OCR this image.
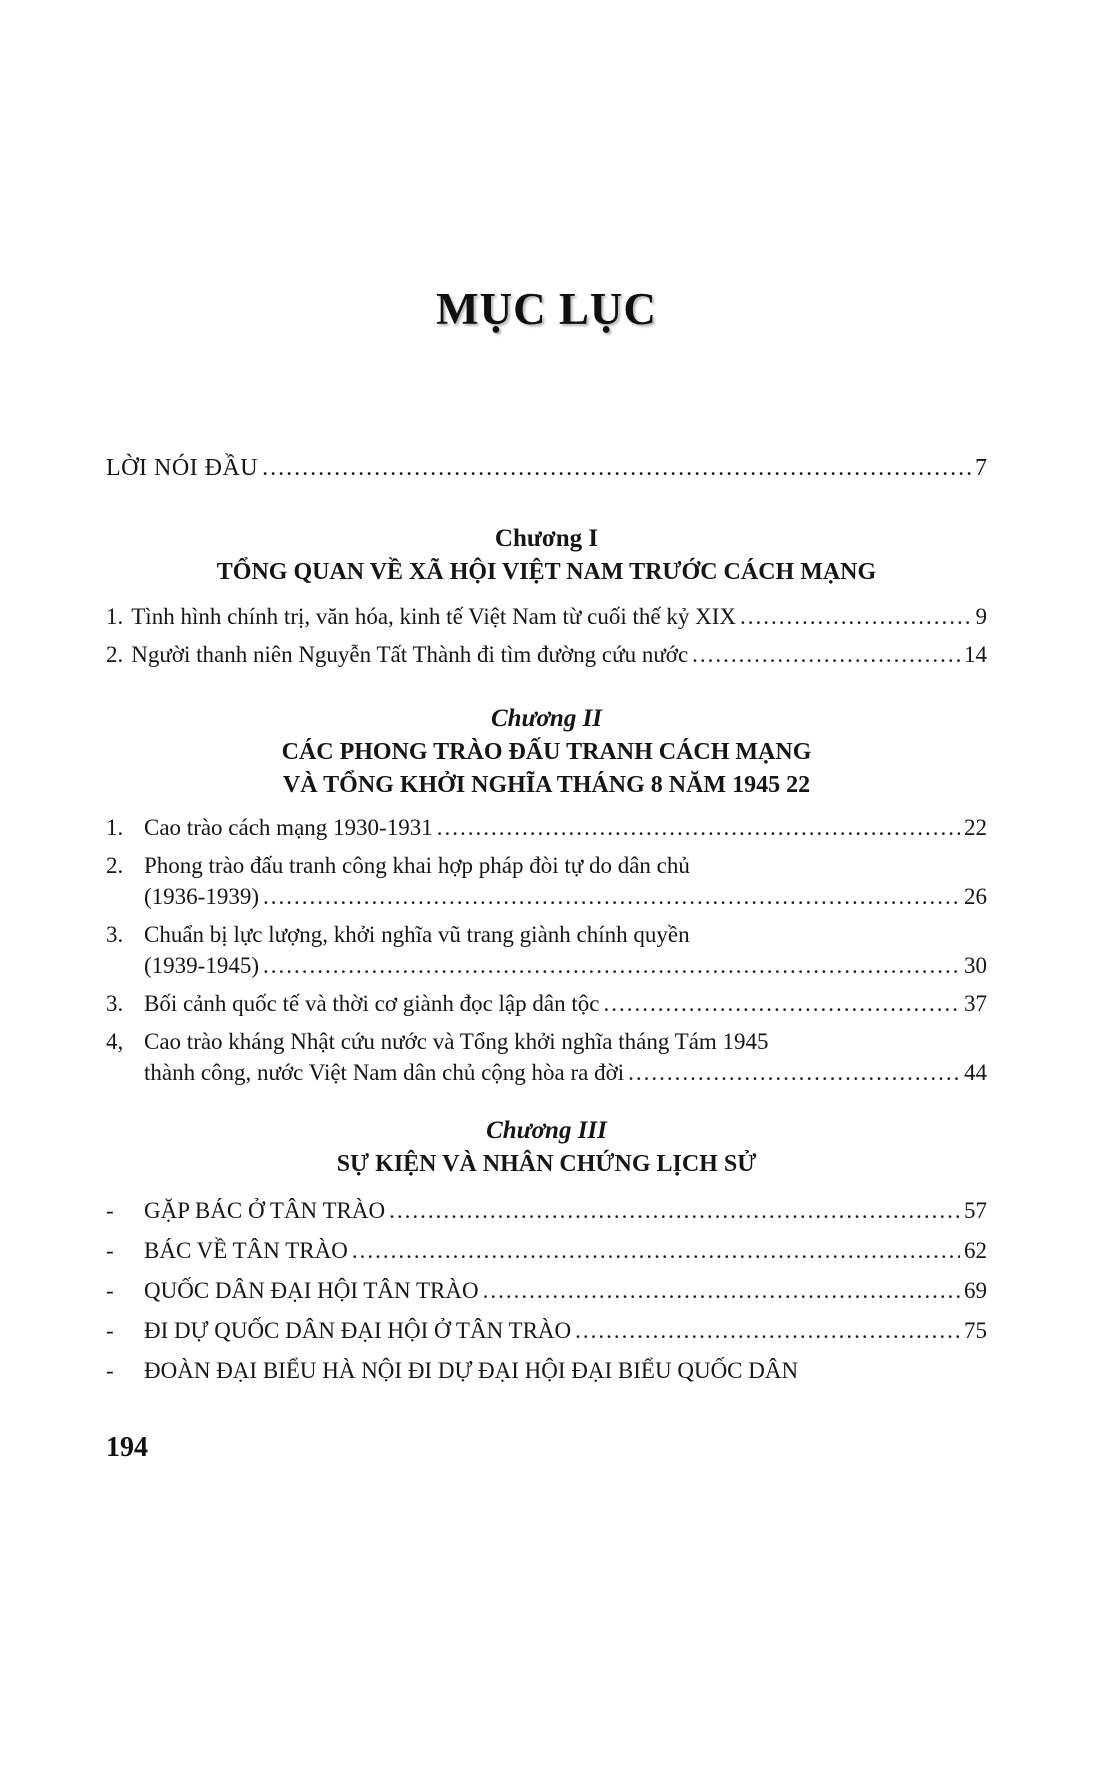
MỤC LỤC
LỜI NÓI ĐẦU .....	7
Chương I
TỔNG QUAN VỀ XÃ HỘI VIỆT NAM TRƯỚC CÁCH MẠNG
1. Tình hình chính trị, văn hóa, kinh tế Việt Nam từ cuối thế kỷ XIX .....	9
2. Người thanh niên Nguyễn Tất Thành đi tìm đường cứu nước .....	14
Chương II
CÁC PHONG TRÀO ĐẤU TRANH CÁCH MẠNG
VÀ TỔNG KHỞI NGHĨA THÁNG 8 NĂM 1945 22
1. Cao trào cách mạng 1930-1931 .....	22
2. Phong trào đấu tranh công khai hợp pháp đòi tự do dân chủ
(1936-1939) .....	26
3. Chuẩn bị lực lượng, khởi nghĩa vũ trang giành chính quyền
(1939-1945) .....	30
3. Bối cảnh quốc tế và thời cơ giành đọc lập dân tộc .....	37
4, Cao trào kháng Nhật cứu nước và Tổng khởi nghĩa tháng Tám 1945
thành công, nước Việt Nam dân chủ cộng hòa ra đời .....	44
Chương III
SỰ KIỆN VÀ NHÂN CHỨNG LỊCH SỬ
-	GẶP BÁC Ở TÂN TRÀO .....	57
-	BÁC VỀ TÂN TRÀO .....	62
-	QUỐC DÂN ĐẠI HỘI TÂN TRÀO .....	69
-	ĐI DỰ QUỐC DÂN ĐẠI HỘI Ở TÂN TRÀO .....	75
-	ĐOÀN ĐẠI BIỂU HÀ NỘI ĐI DỰ ĐẠI HỘI ĐẠI BIỂU QUỐC DÂN
194
